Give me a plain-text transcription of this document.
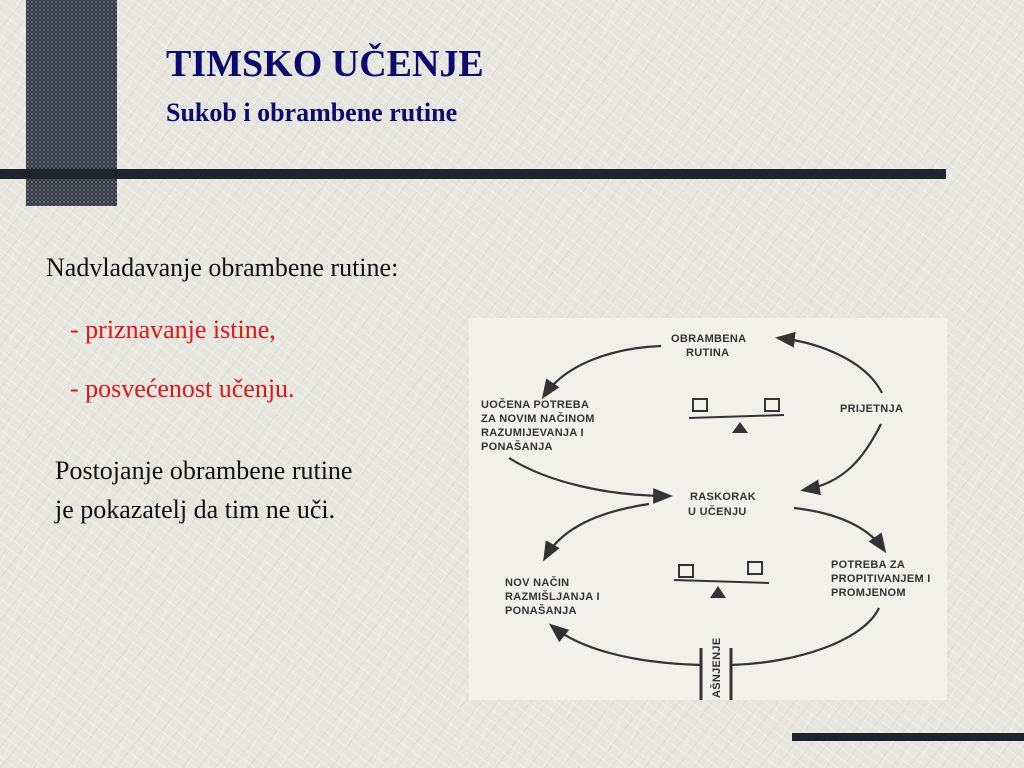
TIMSKO UČENJE
Sukob i obrambene rutine
Nadvladavanje obrambene rutine:
- priznavanje istine,
- posvećenost učenju.
Postojanje obrambene rutine
je pokazatelj da tim ne uči.
AŠNJENJE
OBRAMBENA RUTINA
PRIJETNJA
UOČENA POTREBA ZA NOVIM NAČINOM RAZUMIJEVANJA I PONAŠANJA
RASKORAK U UČENJU
NOV NAČIN RAZMIŠLJANJA I PONAŠANJA
POTREBA ZA PROPITIVANJEM I PROMJENOM
